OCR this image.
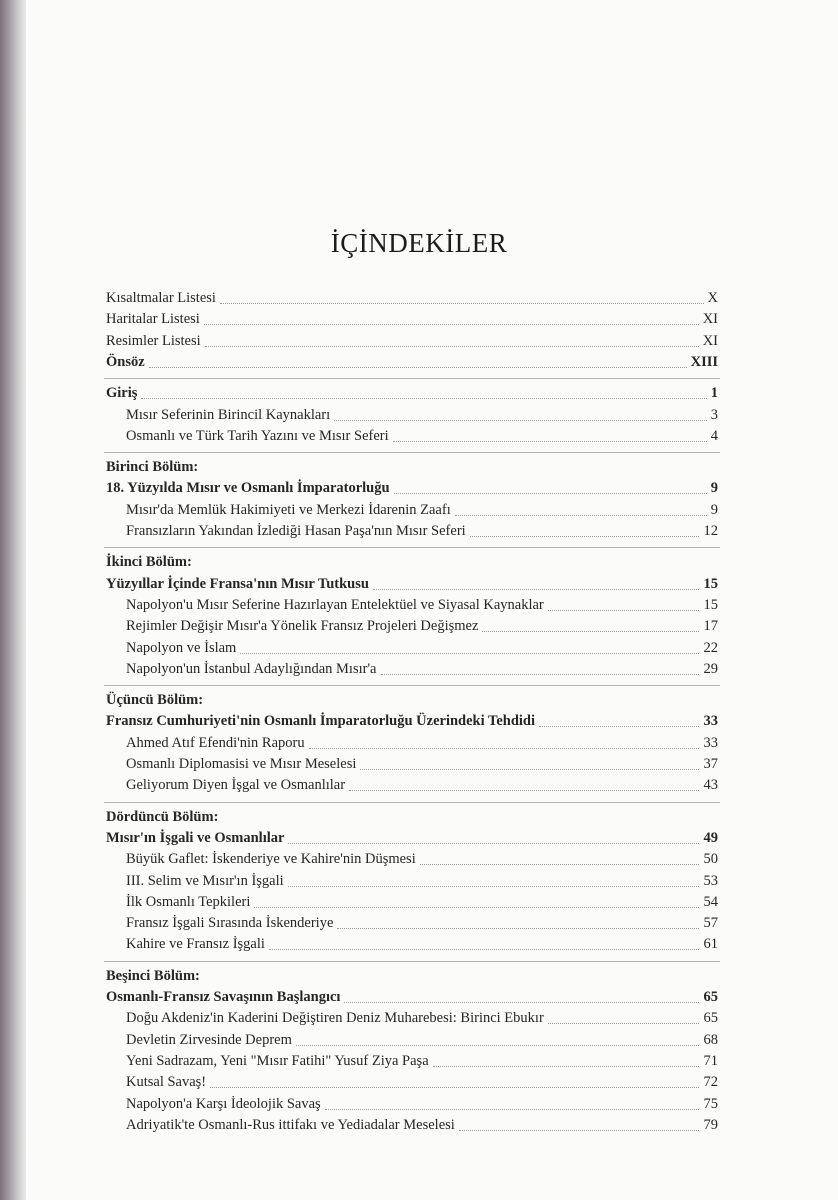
İÇİNDEKİLER
Kısaltmalar Listesi	X
Haritalar Listesi	XI
Resimler Listesi	XI
Önsöz	XIII
Giriş	1
Mısır Seferinin Birincil Kaynakları	3
Osmanlı ve Türk Tarih Yazını ve Mısır Seferi	4
Birinci Bölüm:
18. Yüzyılda Mısır ve Osmanlı İmparatorluğu	9
Mısır'da Memlük Hakimiyeti ve Merkezi İdarenin Zaafı	9
Fransızların Yakından İzlediği Hasan Paşa'nın Mısır Seferi	12
İkinci Bölüm:
Yüzyıllar İçinde Fransa'nın Mısır Tutkusu	15
Napolyon'u Mısır Seferine Hazırlayan Entelektüel ve Siyasal Kaynaklar	15
Rejimler Değişir Mısır'a Yönelik Fransız Projeleri Değişmez	17
Napolyon ve İslam	22
Napolyon'un İstanbul Adaylığından Mısır'a	29
Üçüncü Bölüm:
Fransız Cumhuriyeti'nin Osmanlı İmparatorluğu Üzerindeki Tehdidi	33
Ahmed Atıf Efendi'nin Raporu	33
Osmanlı Diplomasisi ve Mısır Meselesi	37
Geliyorum Diyen İşgal ve Osmanlılar	43
Dördüncü Bölüm:
Mısır'ın İşgali ve Osmanlılar	49
Büyük Gaflet: İskenderiye ve Kahire'nin Düşmesi	50
III. Selim ve Mısır'ın İşgali	53
İlk Osmanlı Tepkileri	54
Fransız İşgali Sırasında İskenderiye	57
Kahire ve Fransız İşgali	61
Beşinci Bölüm:
Osmanlı-Fransız Savaşının Başlangıcı	65
Doğu Akdeniz'in Kaderini Değiştiren Deniz Muharebesi: Birinci Ebukır	65
Devletin Zirvesinde Deprem	68
Yeni Sadrazam, Yeni "Mısır Fatihi" Yusuf Ziya Paşa	71
Kutsal Savaş!	72
Napolyon'a Karşı İdeolojik Savaş	75
Adriyatik'te Osmanlı-Rus ittifakı ve Yediadalar Meselesi	79
